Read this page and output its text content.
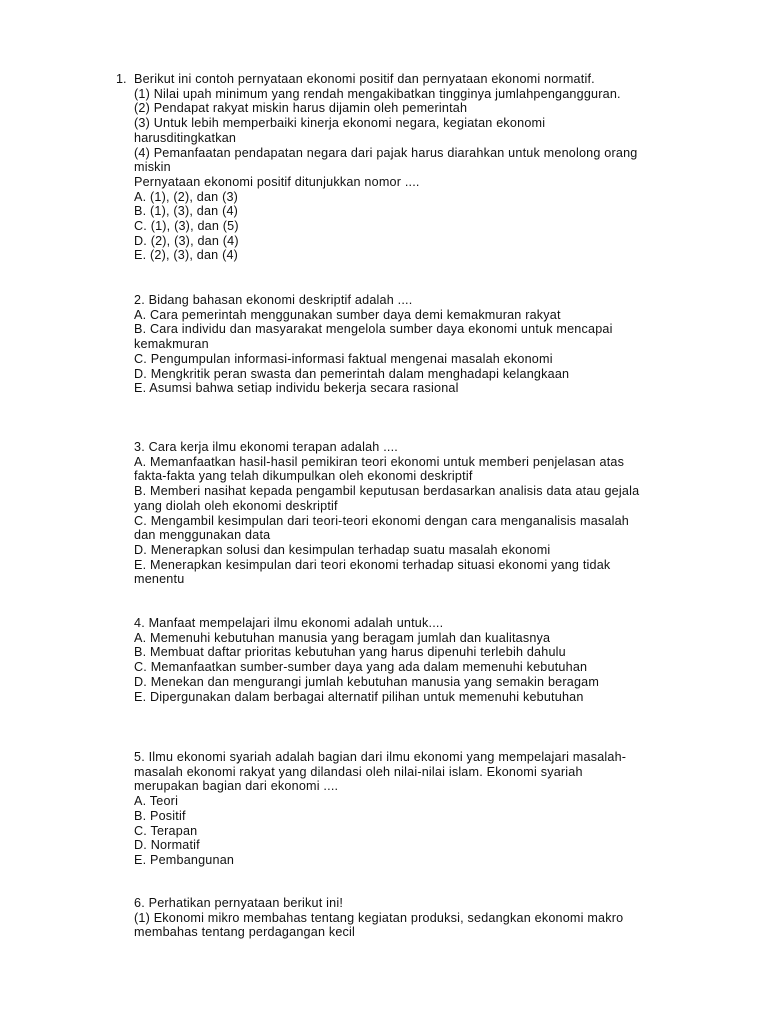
1. Berikut ini contoh pernyataan ekonomi positif dan pernyataan ekonomi normatif.
(1) Nilai upah minimum yang rendah mengakibatkan tingginya jumlahpengangguran.
(2) Pendapat rakyat miskin harus dijamin oleh pemerintah
(3) Untuk lebih memperbaiki kinerja ekonomi negara, kegiatan ekonomi
harusditingkatkan
(4) Pemanfaatan pendapatan negara dari pajak harus diarahkan untuk menolong orang
miskin
Pernyataan ekonomi positif ditunjukkan nomor ....
A. (1), (2), dan (3)
B. (1), (3), dan (4)
C. (1), (3), dan (5)
D. (2), (3), dan (4)
E. (2), (3), dan (4)
2. Bidang bahasan ekonomi deskriptif adalah ....
A. Cara pemerintah menggunakan sumber daya demi kemakmuran rakyat
B. Cara individu dan masyarakat mengelola sumber daya ekonomi untuk mencapai
kemakmuran
C. Pengumpulan informasi-informasi faktual mengenai masalah ekonomi
D. Mengkritik peran swasta dan pemerintah dalam menghadapi kelangkaan
E. Asumsi bahwa setiap individu bekerja secara rasional
3. Cara kerja ilmu ekonomi terapan adalah ....
A. Memanfaatkan hasil-hasil pemikiran teori ekonomi untuk memberi penjelasan atas
fakta-fakta yang telah dikumpulkan oleh ekonomi deskriptif
B. Memberi nasihat kepada pengambil keputusan berdasarkan analisis data atau gejala
yang diolah oleh ekonomi deskriptif
C. Mengambil kesimpulan dari teori-teori ekonomi dengan cara menganalisis masalah
dan menggunakan data
D. Menerapkan solusi dan kesimpulan terhadap suatu masalah ekonomi
E. Menerapkan kesimpulan dari teori ekonomi terhadap situasi ekonomi yang tidak
menentu
4. Manfaat mempelajari ilmu ekonomi adalah untuk....
A. Memenuhi kebutuhan manusia yang beragam jumlah dan kualitasnya
B. Membuat daftar prioritas kebutuhan yang harus dipenuhi terlebih dahulu
C. Memanfaatkan sumber-sumber daya yang ada dalam memenuhi kebutuhan
D. Menekan dan mengurangi jumlah kebutuhan manusia yang semakin beragam
E. Dipergunakan dalam berbagai alternatif pilihan untuk memenuhi kebutuhan
5. Ilmu ekonomi syariah adalah bagian dari ilmu ekonomi yang mempelajari masalah-
masalah ekonomi rakyat yang dilandasi oleh nilai-nilai islam. Ekonomi syariah
merupakan bagian dari ekonomi ....
A. Teori
B. Positif
C. Terapan
D. Normatif
E. Pembangunan
6. Perhatikan pernyataan berikut ini!
(1) Ekonomi mikro membahas tentang kegiatan produksi, sedangkan ekonomi makro
membahas tentang perdagangan kecil
